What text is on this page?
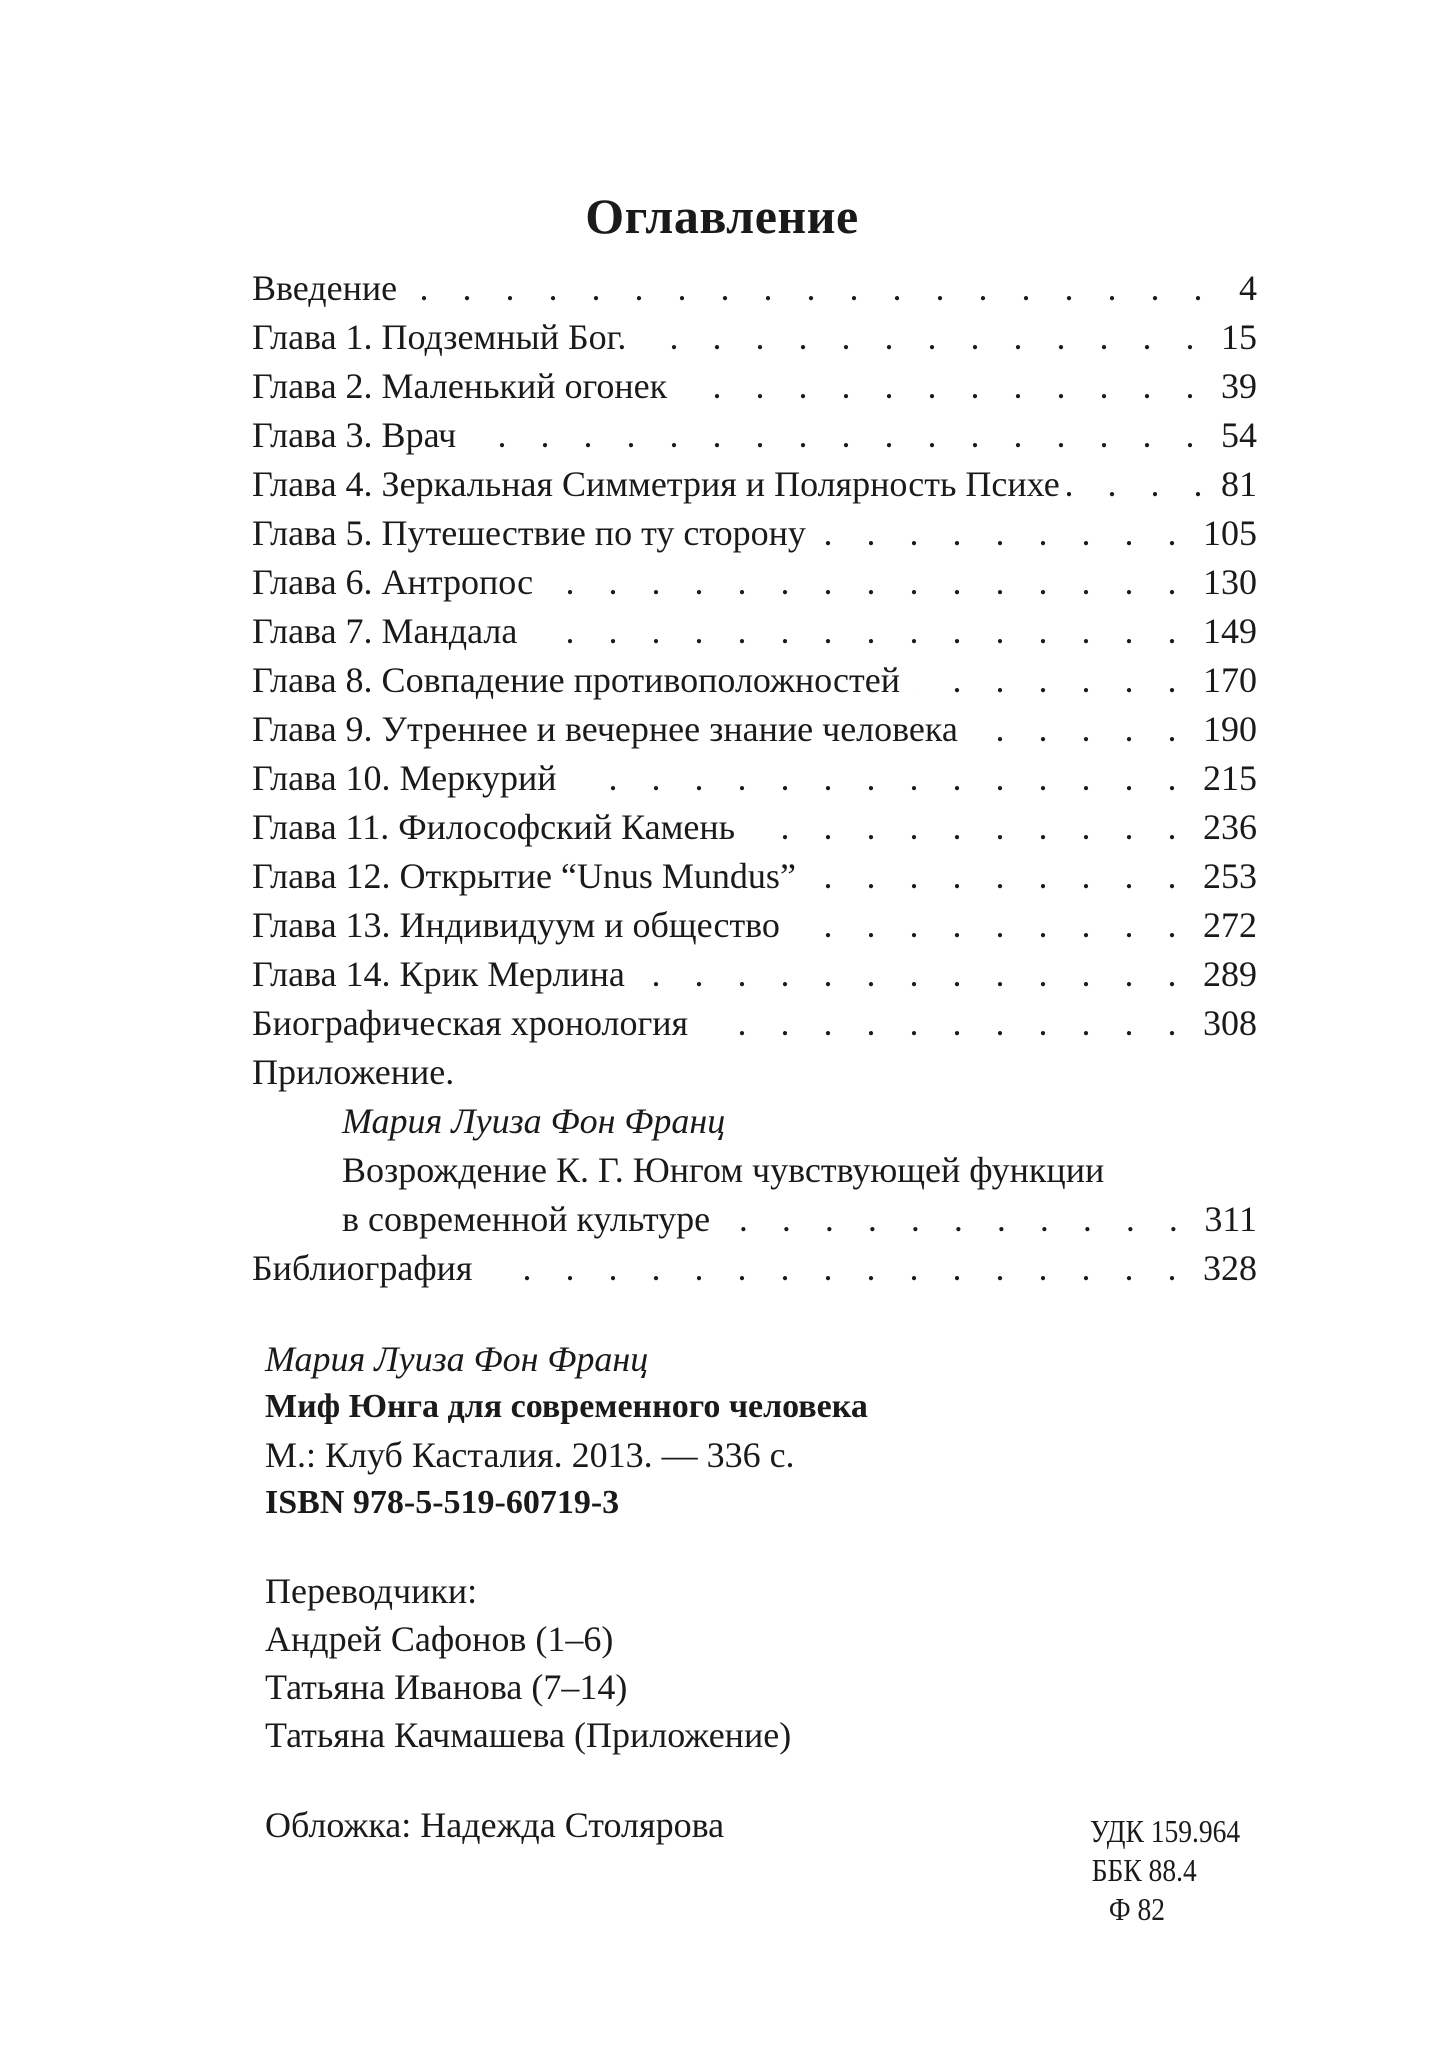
Оглавление
Введение . . .	4
Глава 1. Подземный Бог. . . .	15
Глава 2. Маленький огонек . . .	39
Глава 3. Врач . . .	54
Глава 4. Зеркальная Симметрия и Полярность Психе . . .	81
Глава 5. Путешествие по ту сторону . . .	105
Глава 6. Антропос . . .	130
Глава 7. Мандала . . .	149
Глава 8. Совпадение противоположностей . . .	170
Глава 9. Утреннее и вечернее знание человека . . .	190
Глава 10. Меркурий . . .	215
Глава 11. Философский Камень . . .	236
Глава 12. Открытие “Unus Mundus” . . .	253
Глава 13. Индивидуум и общество . . .	272
Глава 14. Крик Мерлина . . .	289
Биографическая хронология . . .	308
Приложение.
Мария Луиза Фон Франц
Возрождение К. Г. Юнгом чувствующей функции
в современной культуре . . .	311
Библиография . . .	328
Мария Луиза Фон Франц
Миф Юнга для современного человека
М.: Клуб Касталия. 2013. — 336 с.
ISBN 978-5-519-60719-3
Переводчики:
Андрей Сафонов (1–6)
Татьяна Иванова (7–14)
Татьяна Качмашева (Приложение)
Обложка: Надежда Столярова	УДК 159.964
ББК 88.4
Ф 82
